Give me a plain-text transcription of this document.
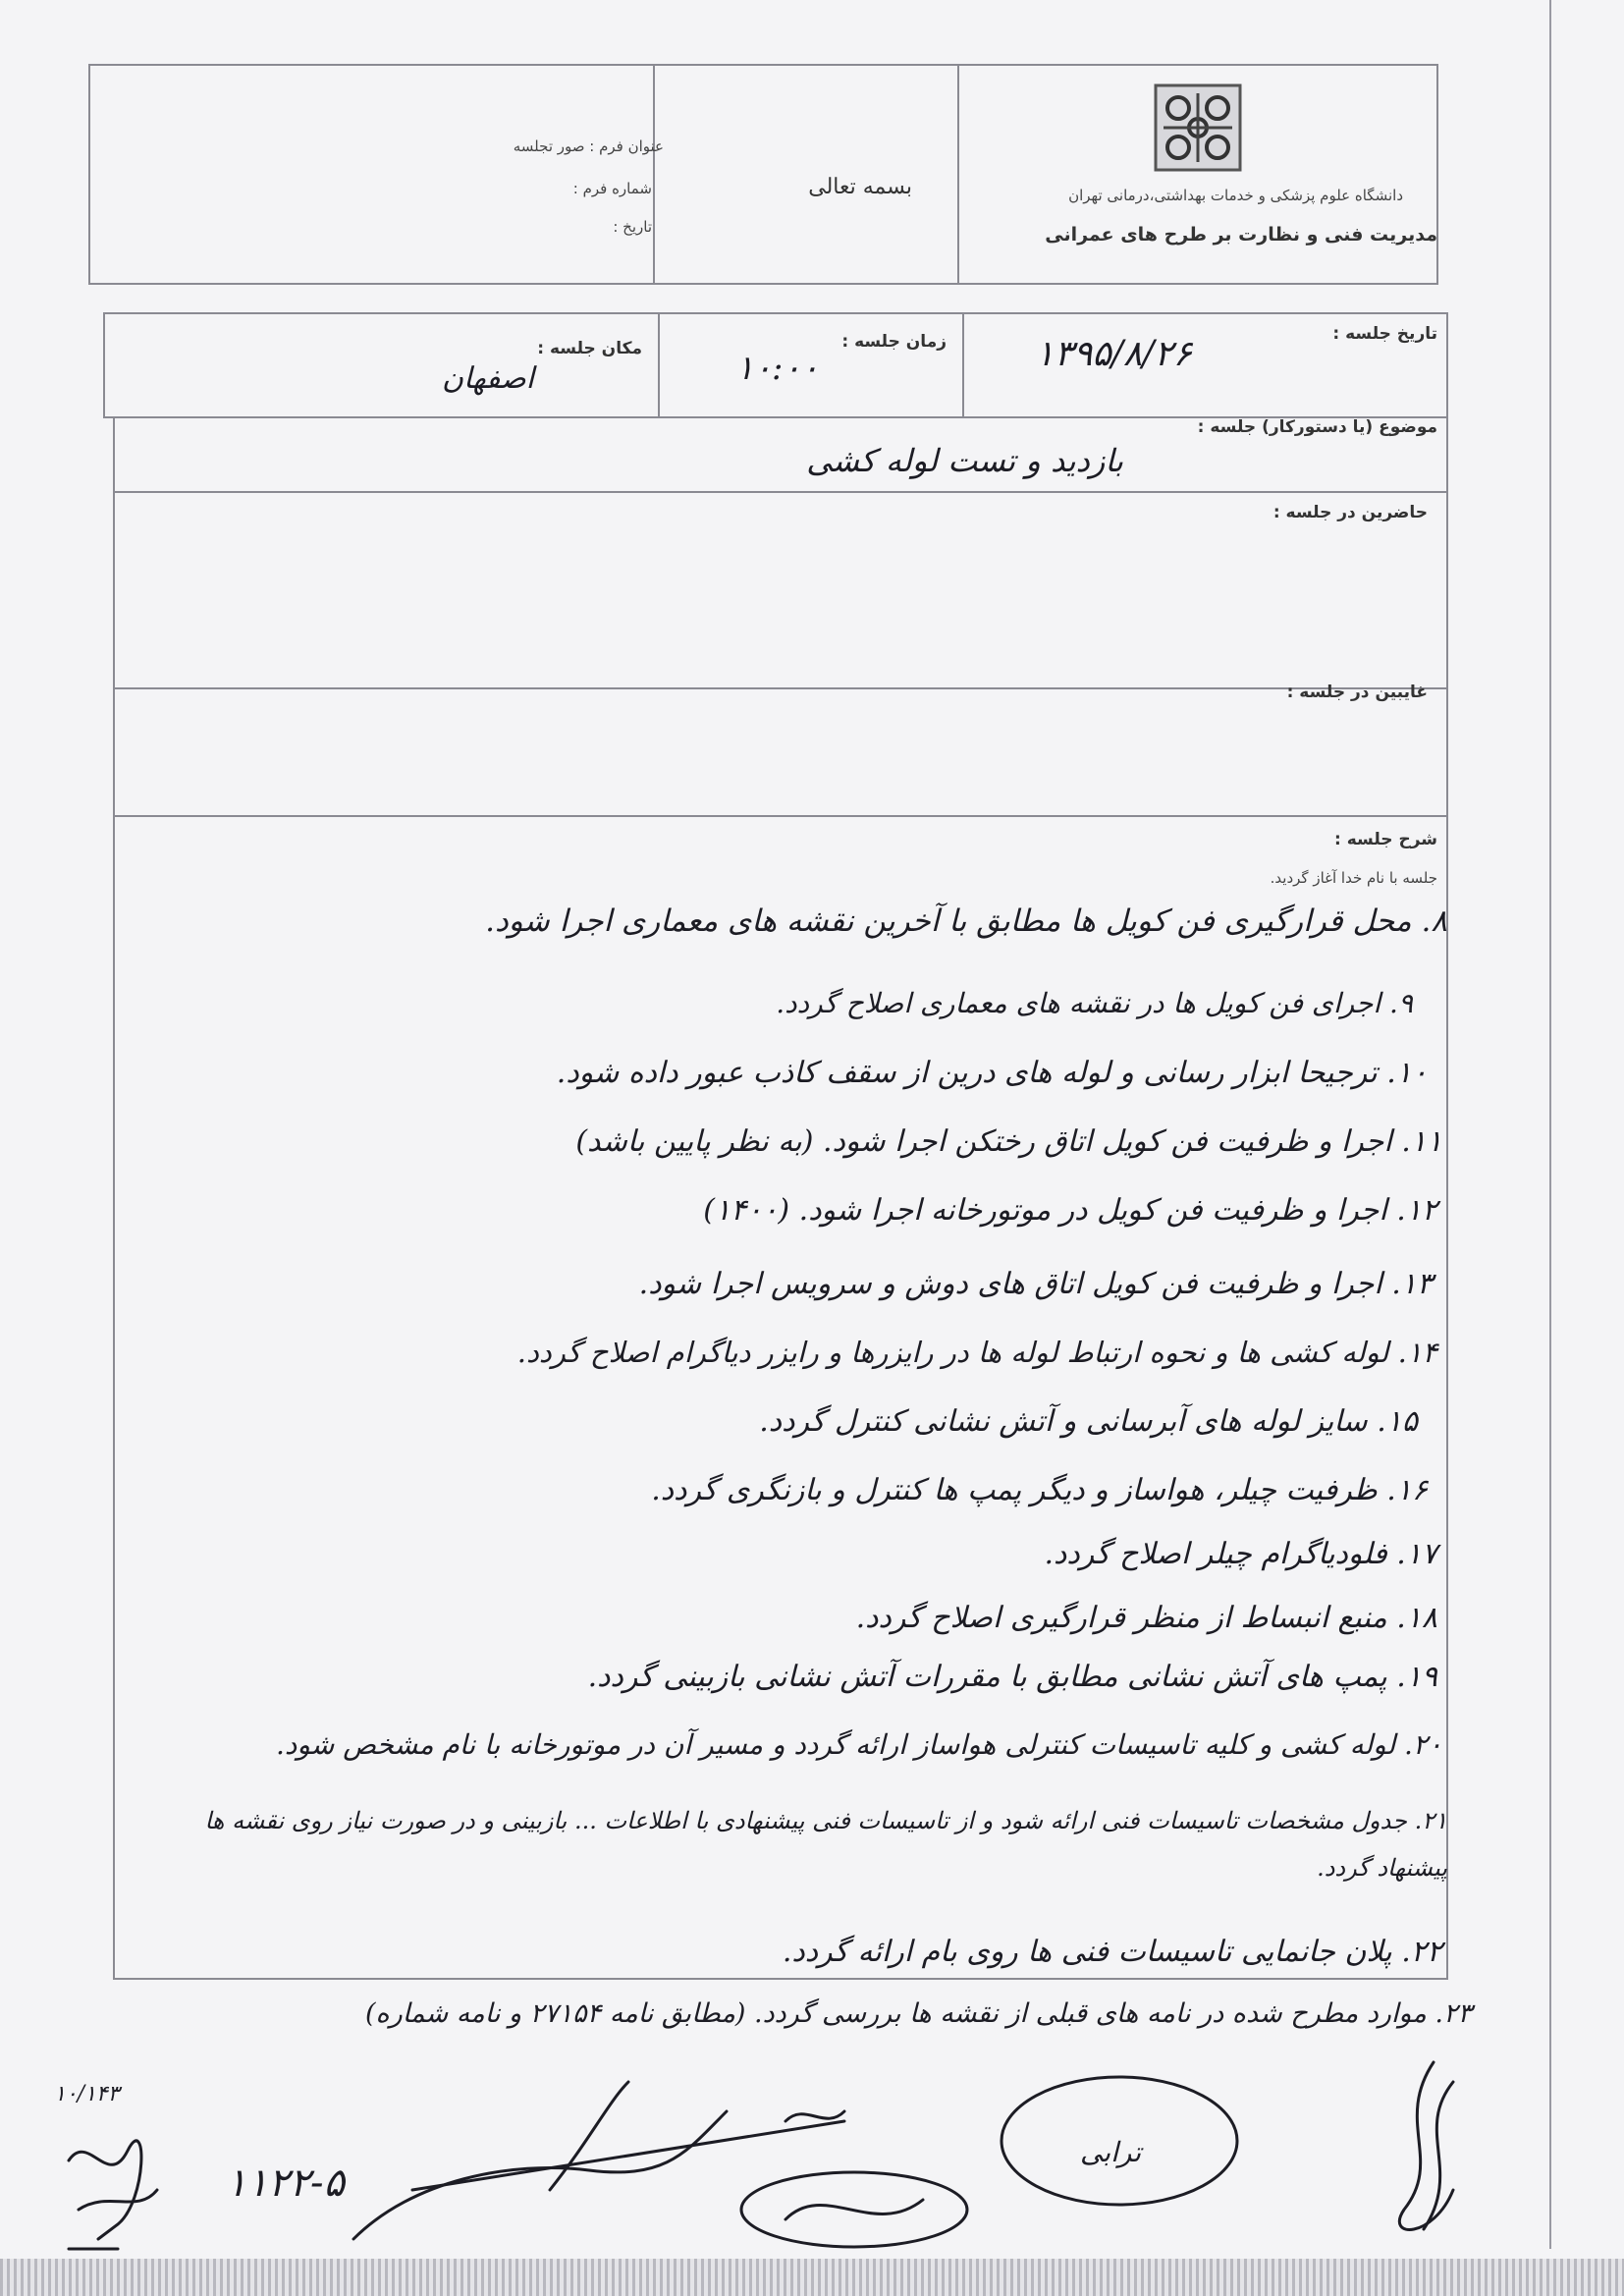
دانشگاه علوم پزشکی و خدمات بهداشتی،درمانی تهران
مدیریت فنی و نظارت بر طرح های عمرانی
بسمه تعالی
عنوان فرم : صور تجلسه
شماره فرم :
تاریخ :
تاریخ جلسه :
۱۳۹۵/۸/۲۶
زمان جلسه :
۱۰:۰۰
مکان جلسه :
اصفهان
موضوع (یا دستورکار) جلسه :
بازدید و تست لوله کشی
حاضرین در جلسه :
غایبین در جلسه :
شرح جلسه :
جلسه با نام خدا آغاز گردید.
۸. محل قرارگیری فن کویل ها مطابق با آخرین نقشه های معماری اجرا شود.
۹. اجرای فن کویل ها در نقشه های معماری اصلاح گردد.
۱۰. ترجیحا ابزار رسانی و لوله های درین از سقف کاذب عبور داده شود.
۱۱. اجرا و ظرفیت فن کویل اتاق رختکن اجرا شود. (به نظر پایین باشد)
۱۲. اجرا و ظرفیت فن کویل در موتورخانه اجرا شود. (۱۴۰۰)
۱۳. اجرا و ظرفیت فن کویل اتاق های دوش و سرویس اجرا شود.
۱۴. لوله کشی ها و نحوه ارتباط لوله ها در رایزرها و رایزر دیاگرام اصلاح گردد.
۱۵. سایز لوله های آبرسانی و آتش نشانی کنترل گردد.
۱۶. ظرفیت چیلر، هواساز و دیگر پمپ ها کنترل و بازنگری گردد.
۱۷. فلودیاگرام چیلر اصلاح گردد.
۱۸. منبع انبساط از منظر قرارگیری اصلاح گردد.
۱۹. پمپ های آتش نشانی مطابق با مقررات آتش نشانی بازبینی گردد.
۲۰. لوله کشی و کلیه تاسیسات کنترلی هواساز ارائه گردد و مسیر آن در موتورخانه با نام مشخص شود.
۲۱. جدول مشخصات تاسیسات فنی ارائه شود و از تاسیسات فنی پیشنهادی با اطلاعات ... بازبینی و در صورت نیاز روی نقشه ها پیشنهاد گردد.
۲۲. پلان جانمایی تاسیسات فنی ها روی بام ارائه گردد.
۲۳. موارد مطرح شده در نامه های قبلی از نقشه ها بررسی گردد. (مطابق نامه ۲۷۱۵۴ و نامه شماره)
۱۰/۱۴۳
۱۱۲۲-۵
ترابی
